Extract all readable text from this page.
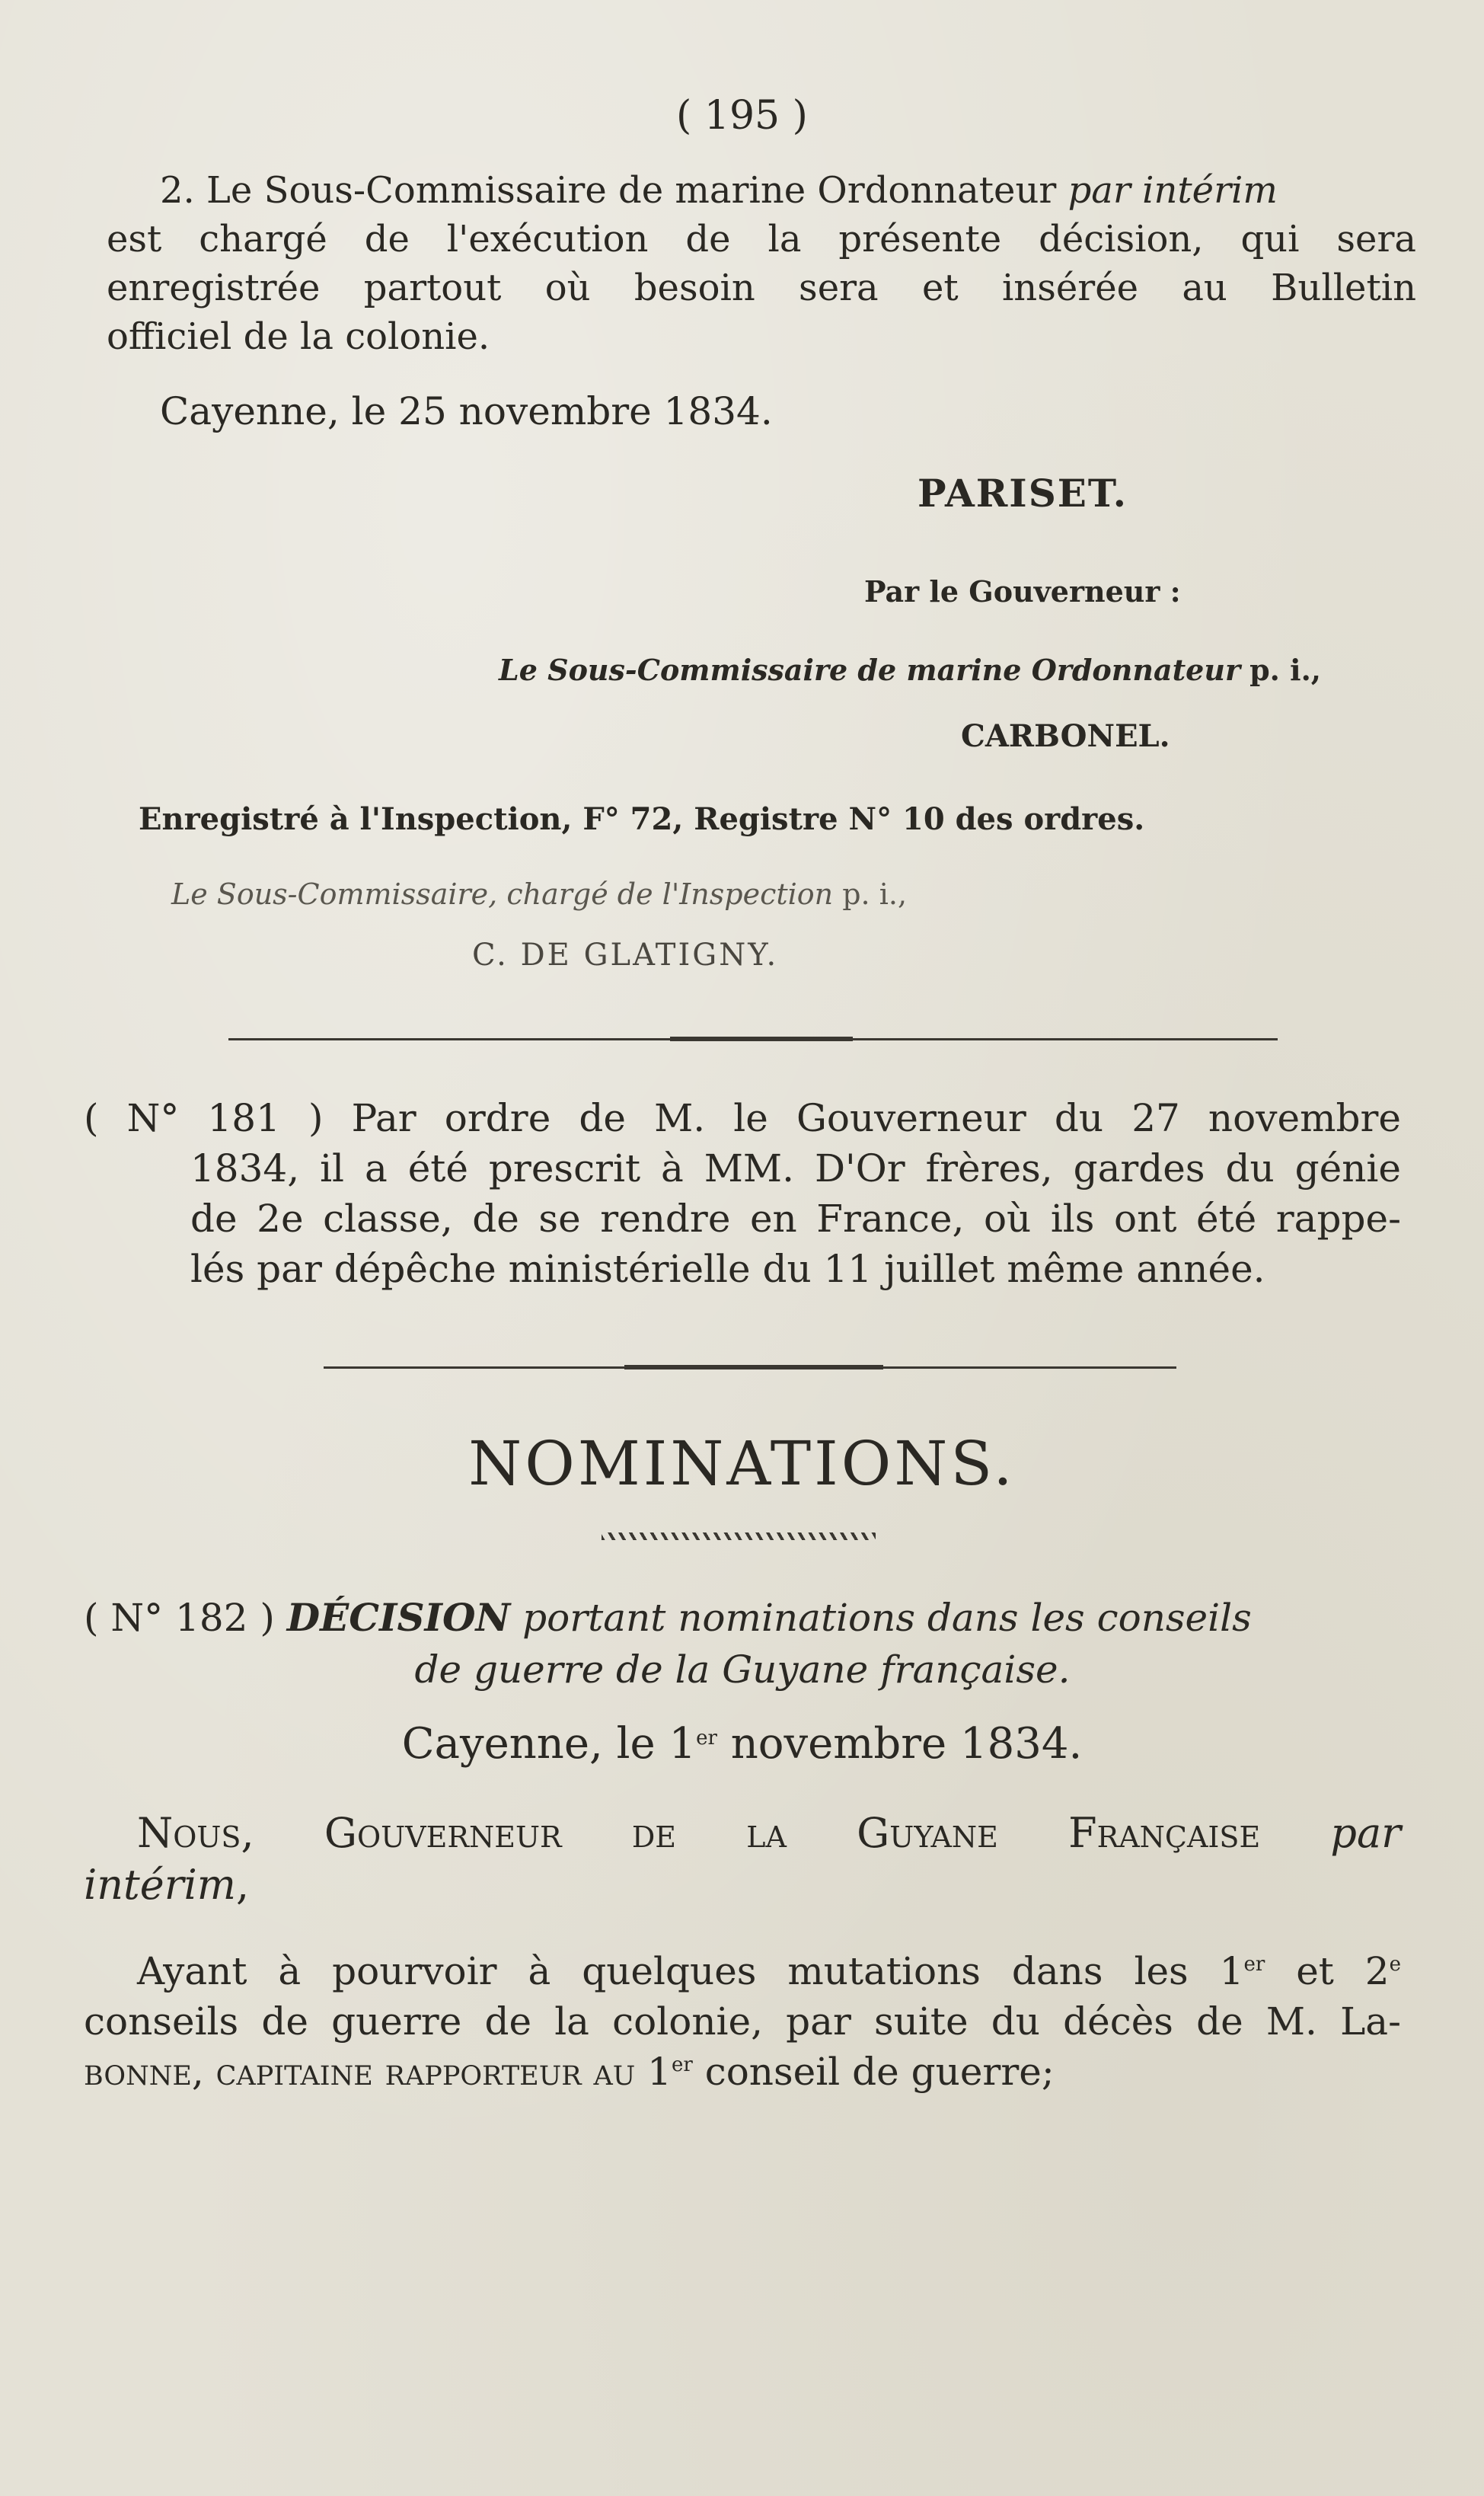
( 195 )
2. Le Sous-Commissaire de marine Ordonnateur par intérim
est chargé de l'exécution de la présente décision, qui sera
enregistrée partout où besoin sera et insérée au Bulletin
officiel de la colonie.
Cayenne, le 25 novembre 1834.
PARISET.
Par le Gouverneur :
Le Sous-Commissaire de marine Ordonnateur p. i.,
CARBONEL.
Enregistré à l'Inspection, F° 72, Registre N° 10 des ordres.
Le Sous-Commissaire, chargé de l'Inspection p. i.,
C. DE GLATIGNY.
( N° 181 ) Par ordre de M. le Gouverneur du 27 novembre
1834, il a été prescrit à MM. D'Or frères, gardes du génie
de 2e classe, de se rendre en France, où ils ont été rappe-
lés par dépêche ministérielle du 11 juillet même année.
NOMINATIONS.
( N° 182 ) DÉCISION portant nominations dans les conseils
de guerre de la Guyane française.
Cayenne, le 1er novembre 1834.
Nous, Gouverneur de la Guyane Française par
intérim,
Ayant à pourvoir à quelques mutations dans les 1er et 2e
conseils de guerre de la colonie, par suite du décès de M. La-
bonne, capitaine rapporteur au 1er conseil de guerre;
